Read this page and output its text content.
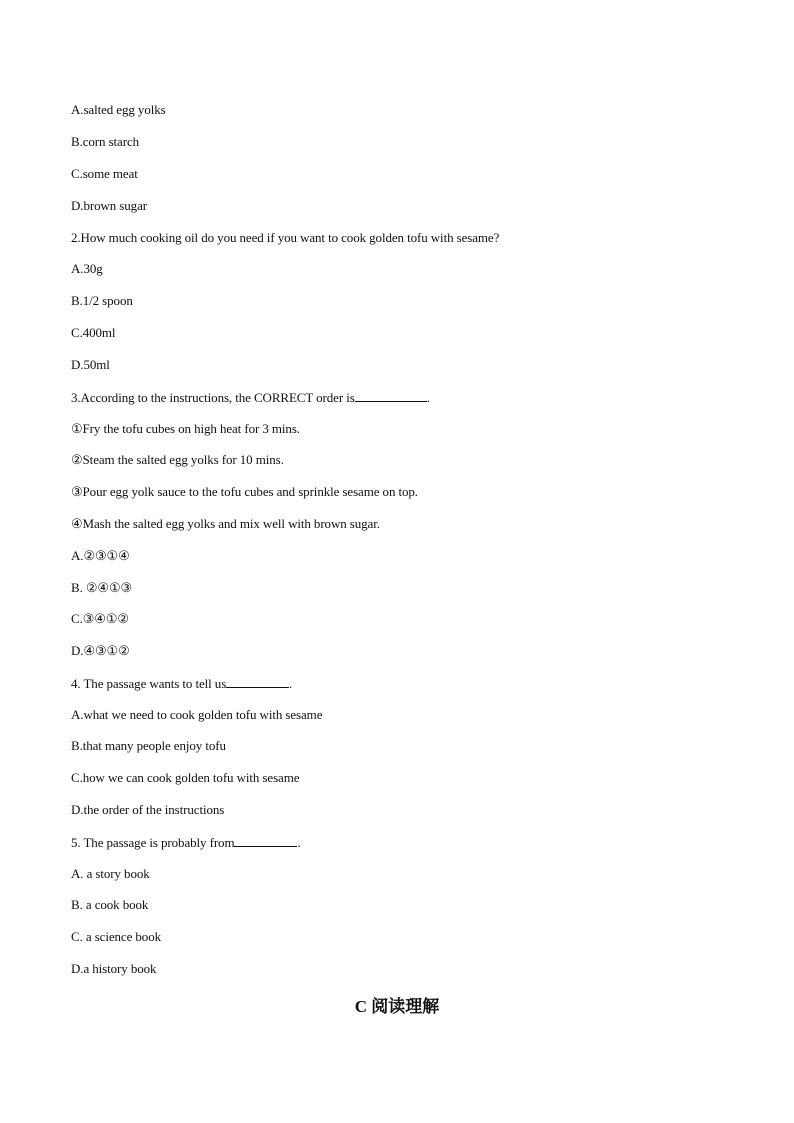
A.salted egg yolks
B.corn starch
C.some meat
D.brown sugar
2.How much cooking oil do you need if you want to cook golden tofu with sesame?
A.30g
B.1/2 spoon
C.400ml
D.50ml
3.According to the instructions, the CORRECT order is	.
①Fry the tofu cubes on high heat for 3 mins.
②Steam the salted egg yolks for 10 mins.
③Pour egg yolk sauce to the tofu cubes and sprinkle sesame on top.
④Mash the salted egg yolks and mix well with brown sugar.
A.②③①④
B. ②④①③
C.③④①②
D.④③①②
4. The passage wants to tell us	.
A.what we need to cook golden tofu with sesame
B.that many people enjoy tofu
C.how we can cook golden tofu with sesame
D.the order of the instructions
5. The passage is probably from	.
A. a story book
B. a cook book
C. a science book
D.a history book
C 阅读理解
